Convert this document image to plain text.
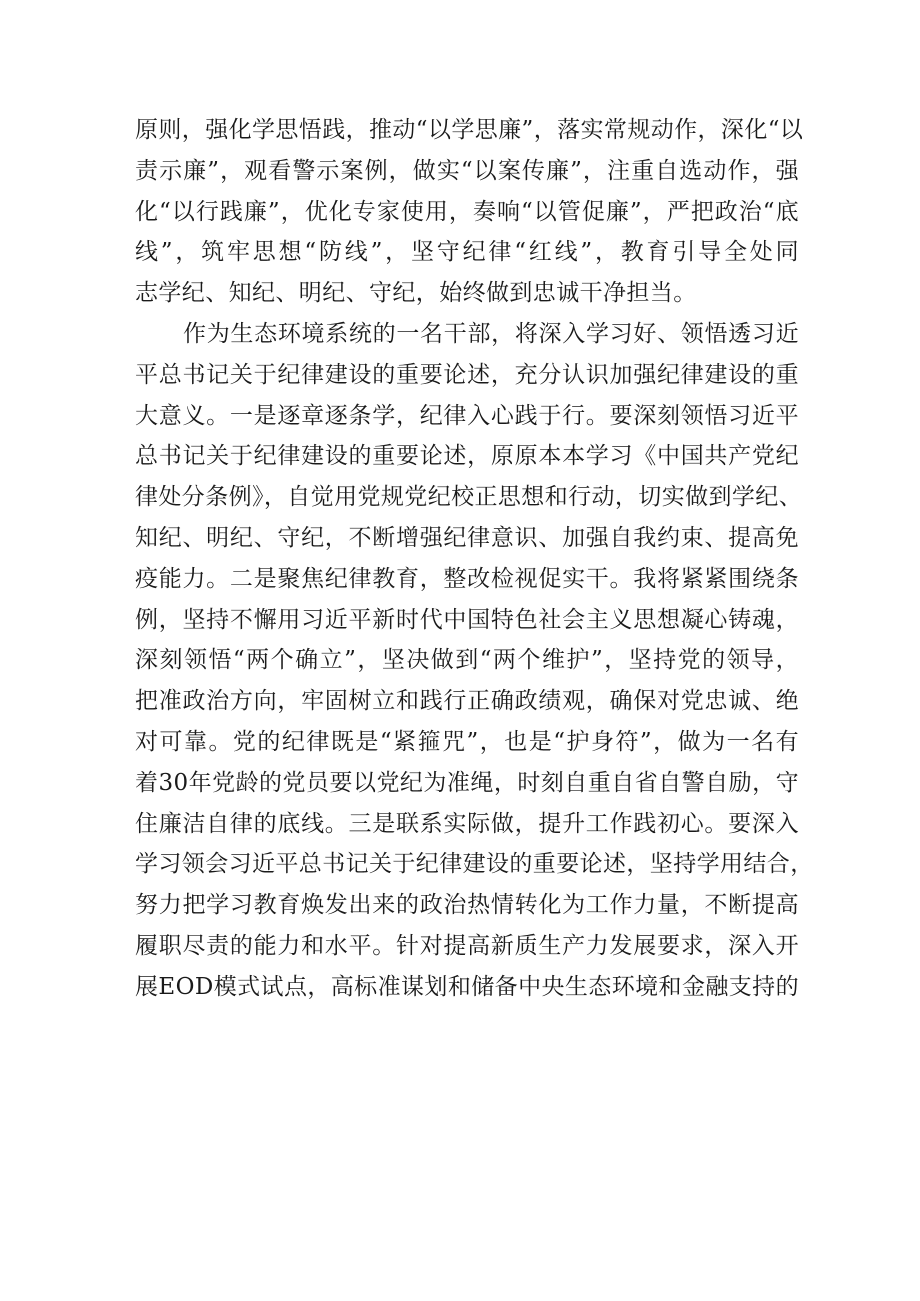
原则，强化学思悟践，推动“以学思廉”，落实常规动作，深化“以
责示廉”，观看警示案例，做实“以案传廉”，注重自选动作，强
化“以行践廉”，优化专家使用，奏响“以管促廉”，严把政治“底
线”，筑牢思想“防线”，坚守纪律“红线”，教育引导全处同
志学纪、知纪、明纪、守纪，始终做到忠诚干净担当。
作为生态环境系统的一名干部，将深入学习好、领悟透习近
平总书记关于纪律建设的重要论述，充分认识加强纪律建设的重
大意义。一是逐章逐条学，纪律入心践于行。要深刻领悟习近平
总书记关于纪律建设的重要论述，原原本本学习《中国共产党纪
律处分条例》，自觉用党规党纪校正思想和行动，切实做到学纪、
知纪、明纪、守纪，不断增强纪律意识、加强自我约束、提高免
疫能力。二是聚焦纪律教育，整改检视促实干。我将紧紧围绕条
例，坚持不懈用习近平新时代中国特色社会主义思想凝心铸魂，
深刻领悟“两个确立”，坚决做到“两个维护”，坚持党的领导，
把准政治方向，牢固树立和践行正确政绩观，确保对党忠诚、绝
对可靠。党的纪律既是“紧箍咒”，也是“护身符”，做为一名有
着30年党龄的党员要以党纪为准绳，时刻自重自省自警自励，守
住廉洁自律的底线。三是联系实际做，提升工作践初心。要深入
学习领会习近平总书记关于纪律建设的重要论述，坚持学用结合，
努力把学习教育焕发出来的政治热情转化为工作力量，不断提高
履职尽责的能力和水平。针对提高新质生产力发展要求，深入开
展EOD模式试点，高标准谋划和储备中央生态环境和金融支持的
